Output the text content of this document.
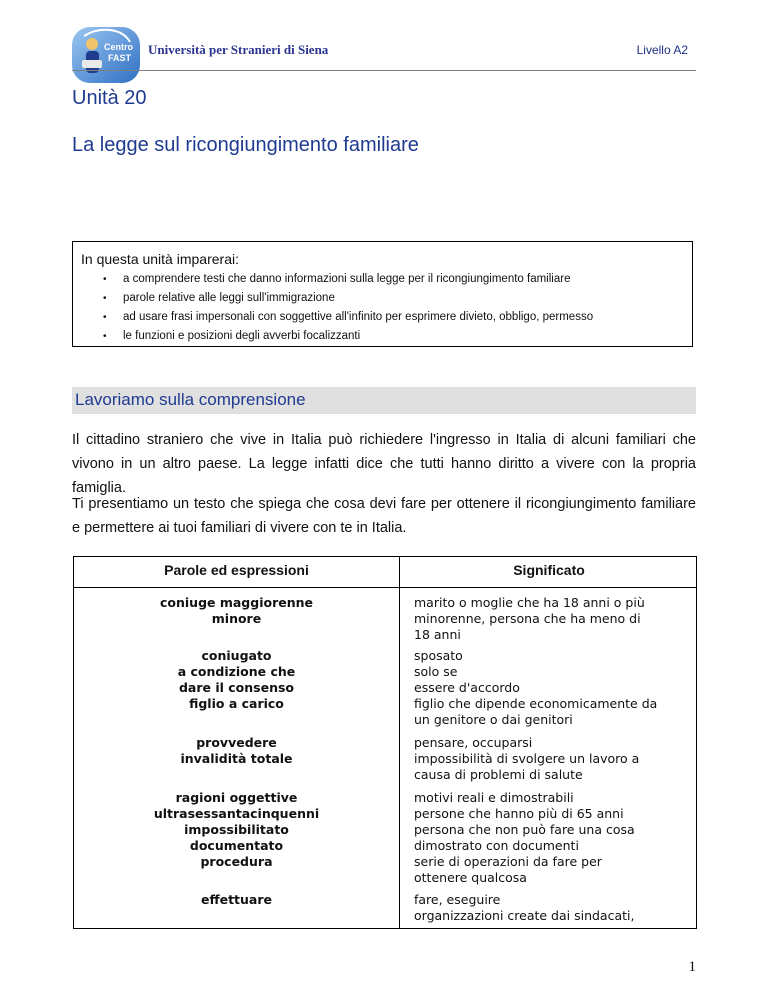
Centro
FAST
Università per Stranieri di Siena	Livello A2
Unità 20
La legge sul ricongiungimento familiare
In questa unità imparerai:
• a comprendere testi che danno informazioni sulla legge per il ricongiungimento familiare
• parole relative alle leggi sull'immigrazione
• ad usare frasi impersonali con soggettive all'infinito per esprimere divieto, obbligo, permesso
• le funzioni e posizioni degli avverbi focalizzanti
Lavoriamo sulla comprensione
Il cittadino straniero che vive in Italia può richiedere l'ingresso in Italia di alcuni familiari che vivono in un altro paese. La legge infatti dice che tutti hanno diritto a vivere con la propria famiglia.
Ti presentiamo un testo che spiega che cosa devi fare per ottenere il ricongiungimento familiare e permettere ai tuoi familiari di vivere con te in Italia.
Parole ed espressioni	Significato
coniuge maggiorenne
minore
coniugato
a condizione che
dare il consenso
figlio a carico
provvedere
invalidità totale
ragioni oggettive
ultrasessantacinquenni
impossibilitato
documentato
procedura
effettuare
marito o moglie che ha 18 anni o più
minorenne, persona che ha meno di
18 anni
sposato
solo se
essere d'accordo
figlio che dipende economicamente da
un genitore o dai genitori
pensare, occuparsi
impossibilità di svolgere un lavoro a
causa di problemi di salute
motivi reali e dimostrabili
persone che hanno più di 65 anni
persona che non può fare una cosa
dimostrato con documenti
serie di operazioni da fare per
ottenere qualcosa
fare, eseguire
organizzazioni create dai sindacati,
1
